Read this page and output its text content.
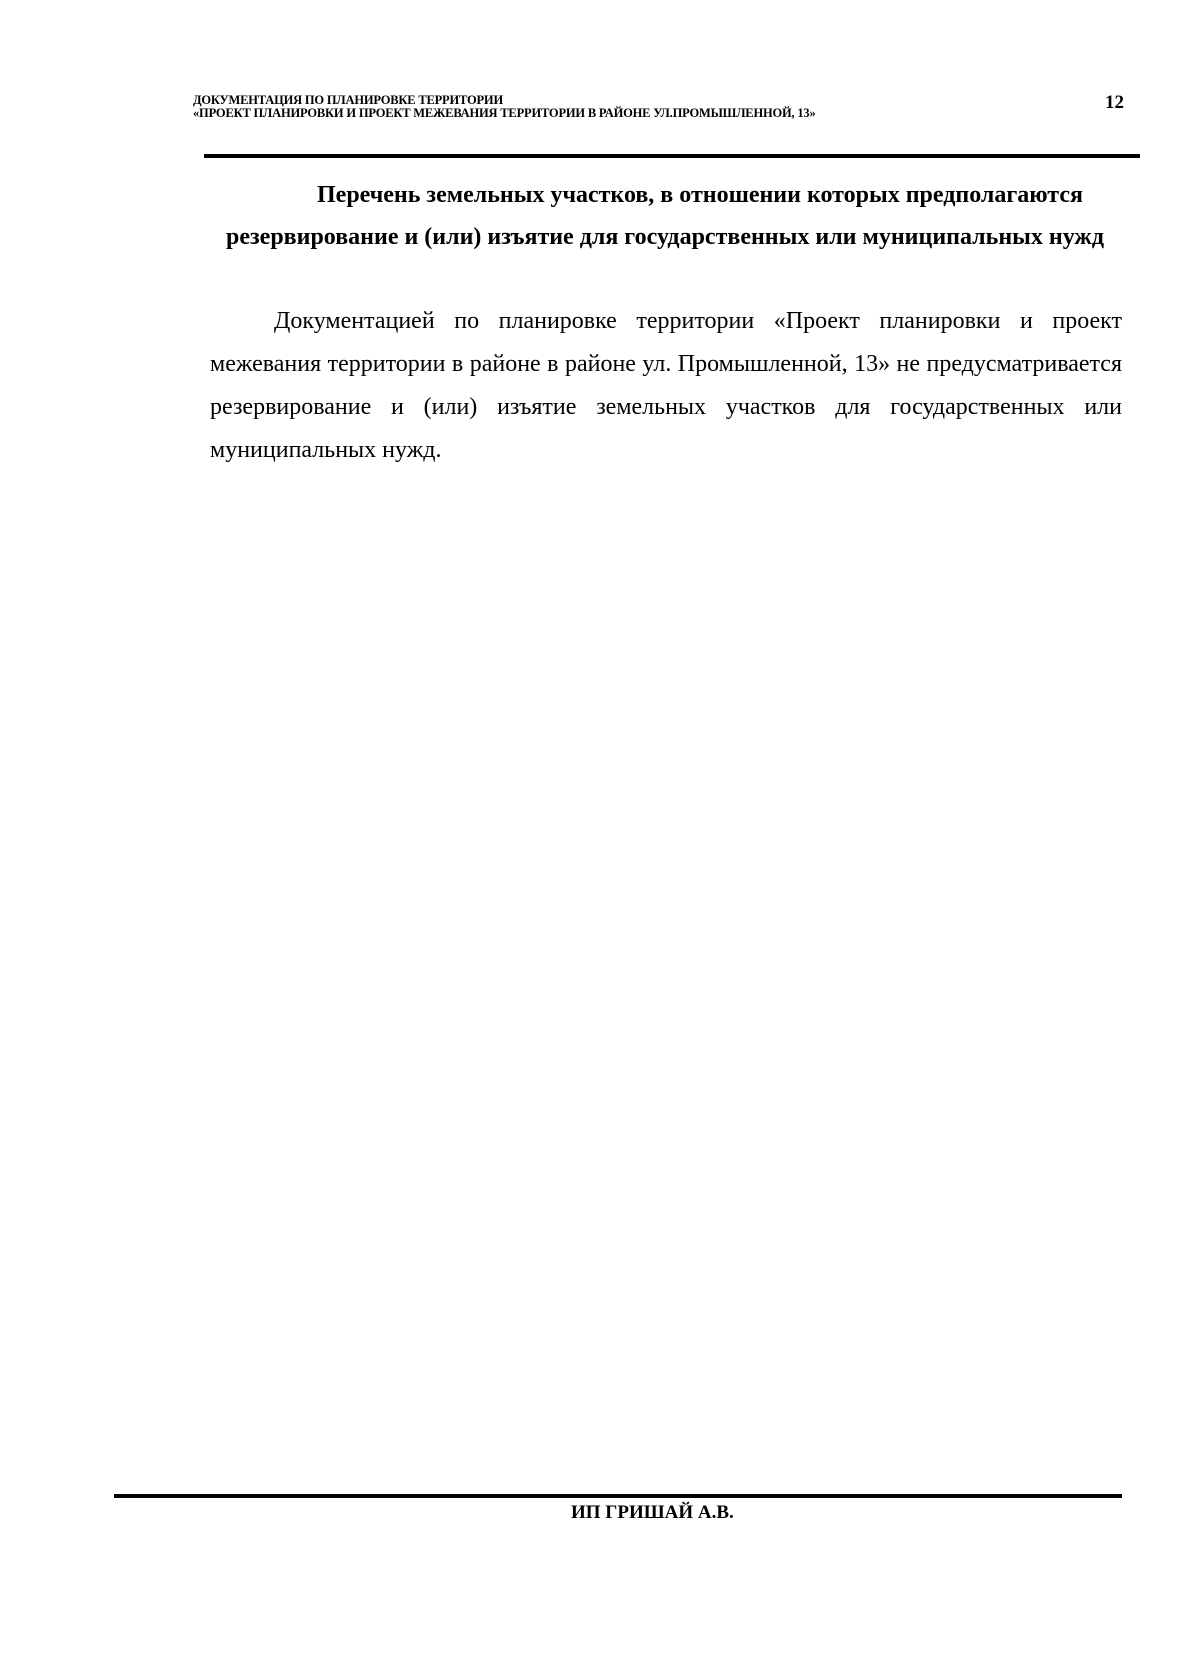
ДОКУМЕНТАЦИЯ ПО ПЛАНИРОВКЕ ТЕРРИТОРИИ
«ПРОЕКТ ПЛАНИРОВКИ И ПРОЕКТ МЕЖЕВАНИЯ ТЕРРИТОРИИ В РАЙОНЕ УЛ.ПРОМЫШЛЕННОЙ, 13»	12
Перечень земельных участков, в отношении которых предполагаются резервирование и (или) изъятие для государственных или муниципальных нужд
Документацией по планировке территории «Проект планировки и проект межевания территории в районе в районе ул. Промышленной, 13» не предусматривается резервирование и (или) изъятие земельных участков для государственных или муниципальных нужд.
ИП ГРИШАЙ А.В.
